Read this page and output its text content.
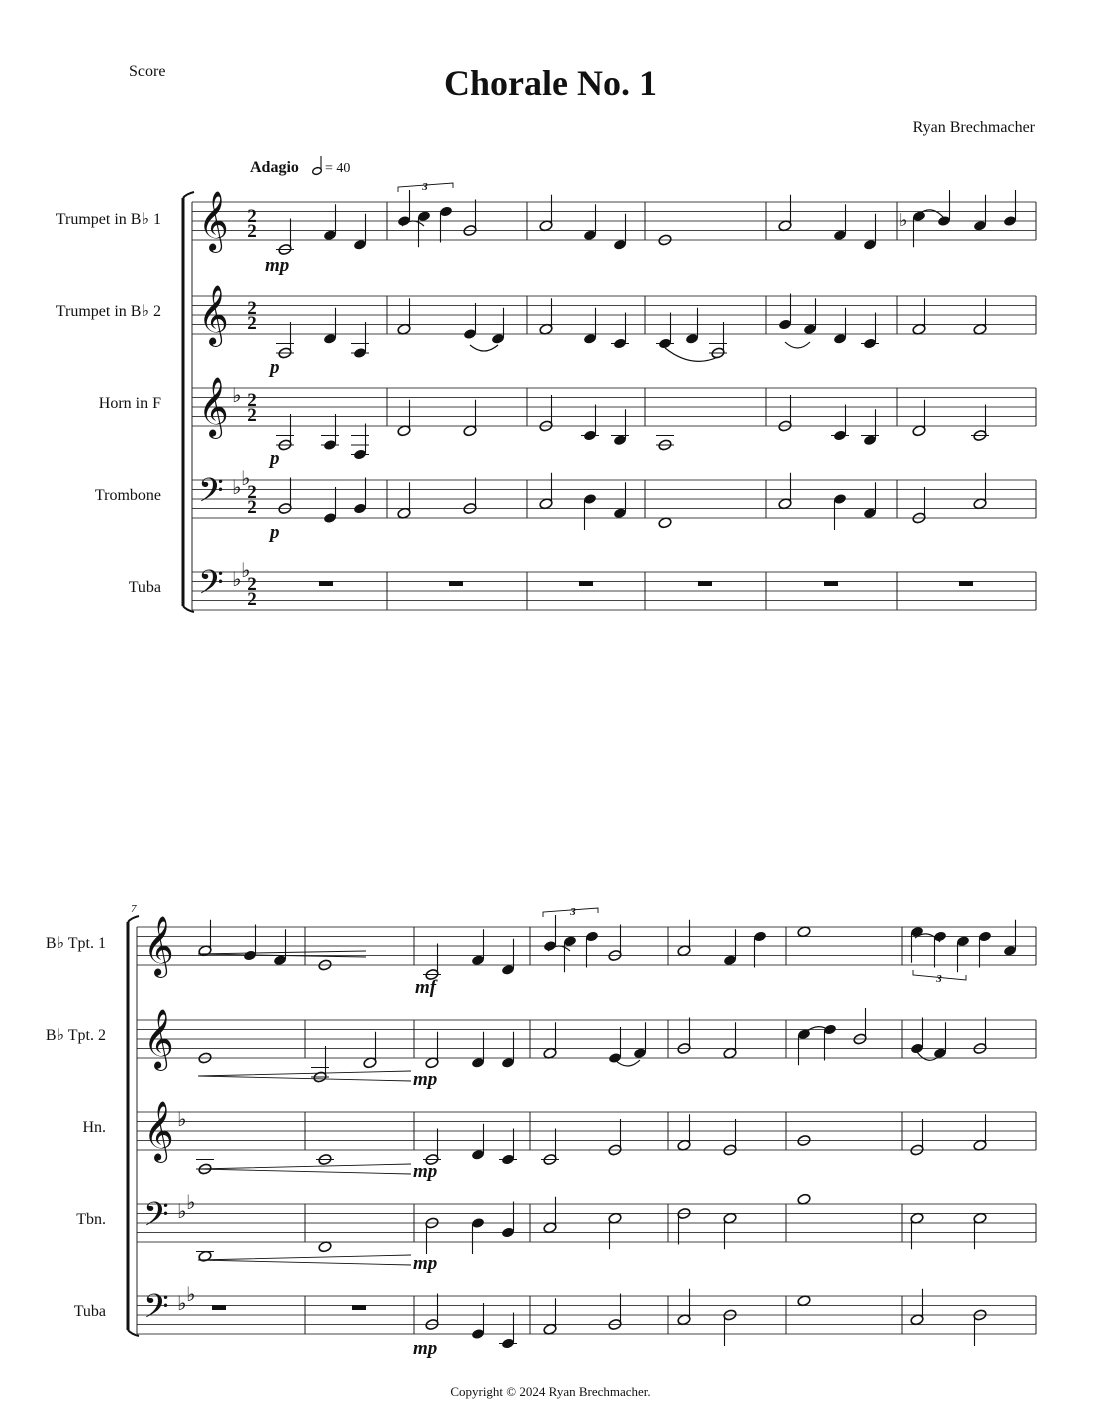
Score	Chorale No. 1
Ryan Brechmacher
𝄞
𝄞
𝄞 ♭
𝄢 ♭ ♭
𝄢 ♭ ♭
♭
𝄞
𝄞
𝄞 ♭
𝄢 ♭ ♭
𝄢 ♭ ♭
Adagio = 40
Trumpet in B♭ 1
Trumpet in B♭ 2
Horn in F
Trombone
Tuba
B♭ Tpt. 1
B♭ Tpt. 2
Hn.
Tbn.
Tuba
mp
p
p
p
mf
mp
mp
mp
mp
7
3
3
3
2
2
2
2
2
2
2
2
2
2
Copyright © 2024 Ryan Brechmacher.
